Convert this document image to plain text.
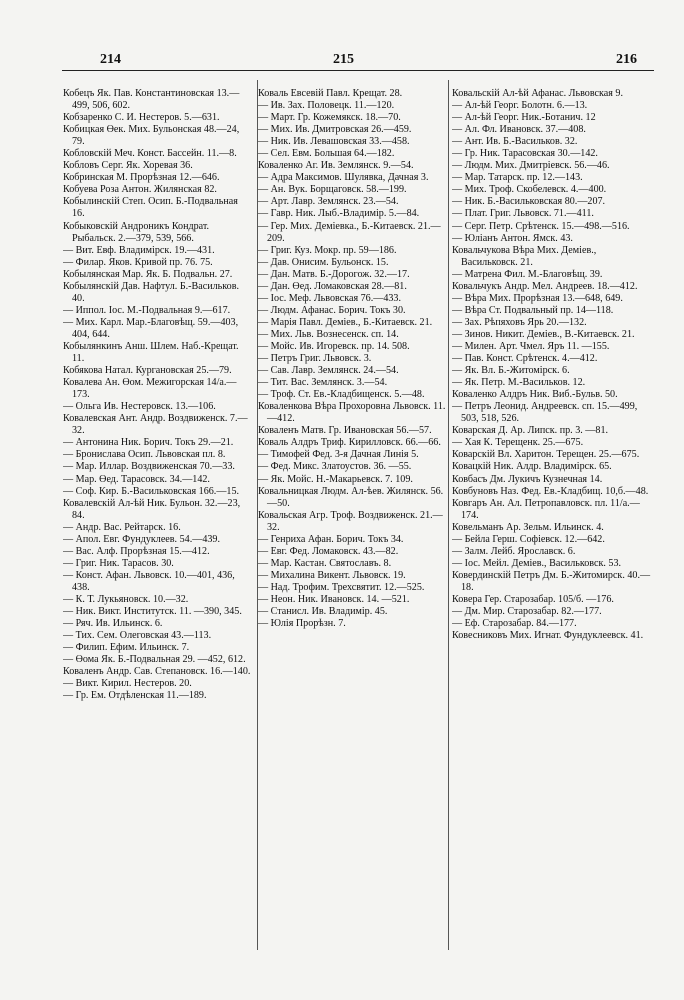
214	215	216

Кобецъ Як. Пав. Константиновская 13.—499, 506, 602.

Кобзаренко С. И. Нестеров. 5.—631.

Кобицкая Өек. Мих. Бульонская 48.—24, 79.

Кобловскій Меч. Конст. Бассейн. 11.—8.

Кобловъ Серг. Як. Хоревая 36.

Кобринская М. Прорѣзная 12.—646.

Кобуева Роза Антон. Жилянская 82.

Кобылинскій Степ. Осип. Б.-Подвальная 16.

Кобыковскій Андроникъ Кондрат. Рыбальск. 2.—379, 539, 566.

— Вит. Евф. Владимірск. 19.—431.

— Филар. Яков. Кривой пр. 76. 75.

Кобылянская Мар. Як. Б. Подвальн. 27.

Кобылянскій Дав. Нафтул. Б.-Васильков. 40.

— Иппол. Іос. М.-Подвальная 9.—617.

— Мих. Карл. Мар.-Благовѣщ. 59.—403, 404, 644.

Кобылянкинъ Анш. Шлем. Наб.-Крещат. 11.

Кобякова Натал. Кургановская 25.—79.

Ковалева Ан. Өом. Межигорская 14/а.—173.

— Ольга Ив. Нестеровск. 13.—106.

Ковалевская Ант. Андр. Воздвиженск. 7.—32.

— Антонина Ник. Борич. Токъ 29.—21.

— Бронислава Осип. Львовская пл. 8.

— Мар. Иллар. Воздвиженская 70.—33.

— Мар. Өед. Тарасовск. 34.—142.

— Соф. Кир. Б.-Васильковская 166.—15.

Ковалевскій Ал-ѣй Ник. Бульон. 32.—23, 84.

— Андр. Вас. Рейтарск. 16.

— Апол. Евг. Фундуклеев. 54.—439.

— Вас. Алф. Прорѣзная 15.—412.

— Григ. Ник. Тарасов. 30.

— Конст. Афан. Львовск. 10.—401, 436, 438.

— К. Т. Лукьяновск. 10.—32.

— Ник. Викт. Институтск. 11. —390, 345.

— Ряч. Ив. Ильинск. 6.

— Тих. Сем. Олеговская 43.—113.

— Филип. Ефим. Ильинск. 7.

— Өома Як. Б.-Подвальная 29. —452, 612.

Коваленъ Андр. Сав. Степановск. 16.—140.

— Викт. Кирил. Нестеров. 20.

— Гр. Ем. Отдѣленская 11.—189.

Коваль Евсевій Павл. Крещат. 28.

— Ив. Зах. Половецк. 11.—120.

— Март. Гр. Кожемякск. 18.—70.

— Мих. Ив. Дмитровская 26.—459.

— Ник. Ив. Левашовская 33.—458.

— Сел. Евм. Большая 64.—182.

Коваленко Аг. Ив. Землянск. 9.—54.

— Адра Максимов. Шулявка, Дачная 3.

— Ан. Вук. Борщаговск. 58.—199.

— Арт. Лавр. Землянск. 23.—54.

— Гавр. Ник. Лыб.-Владимір. 5.—84.

— Гер. Мих. Деміевка., Б.-Китаевск. 21.—209.

— Григ. Куз. Мокр. пр. 59—186.

— Дав. Онисим. Бульонск. 15.

— Дан. Матв. Б.-Дорогож. 32.—17.

— Дан. Өед. Ломаковская 28.—81.

— Іос. Меф. Львовская 76.—433.

— Людм. Афанас. Борич. Токъ 30.

— Марія Павл. Деміев., Б.-Китаевск. 21.

— Мих. Льв. Вознесенск. сп. 14.

— Мойс. Ив. Игоревск. пр. 14. 508.

— Петръ Григ. Львовск. 3.

— Сав. Лавр. Землянск. 24.—54.

— Тит. Вас. Землянск. 3.—54.

— Троф. Ст. Ев.-Кладбищенск. 5.—48.

Коваленкова Вѣра Прохоровна Львовск. 11.—412.

Коваленъ Матв. Гр. Ивановская 56.—57.

Коваль Алдръ Триф. Кирилловск. 66.—66.

— Тимофей Фед. 3-я Дачная Линія 5.

— Фед. Микс. Златоустов. 36. —55.

— Як. Мойс. Н.-Макарьевск. 7. 109.

Ковальницкая Людм. Ал-ѣев. Жилянск. 56.—50.

Ковальская Агр. Троф. Воздвиженск. 21.—32.

— Генриха Афан. Борич. Токъ 34.

— Евг. Фед. Ломаковск. 43.—82.

— Мар. Кастан. Святославъ. 8.

— Михалина Викент. Львовск. 19.

— Над. Трофим. Трехсвятит. 12.—525.

— Неон. Ник. Ивановск. 14. —521.

— Станисл. Ив. Владимір. 45.

— Юлія Прорѣзн. 7.

Ковальскій Ал-ѣй Афанас. Львовская 9.

— Ал-ѣй Георг. Болотн. 6.—13.

— Ал-ѣй Георг. Ник.-Ботанич. 12

— Ал. Фл. Ивановск. 37.—408.

— Ант. Ив. Б.-Васильков. 32.

— Гр. Ник. Тарасовская 30.—142.

— Людм. Мих. Дмитріевск. 56.—46.

— Мар. Татарск. пр. 12.—143.

— Мих. Троф. Скобелевск. 4.—400.

— Ник. Б.-Васильковская 80.—207.

— Плат. Григ. Львовск. 71.—411.

— Серг. Петр. Срѣтенск. 15.—498.—516.

— Юліанъ Антон. Ямск. 43.

Ковальчукова Вѣра Мих. Деміев., Васильковск. 21.

— Матрена Фил. М.-Благовѣщ. 39.

Ковальчукъ Андр. Мел. Андреев. 18.—412.

— Вѣра Мих. Прорѣзная 13.—648, 649.

— Вѣра Ст. Подвальный пр. 14—118.

— Зах. Рѣпяховъ Ярь 20.—132.

— Зинов. Никит. Деміев., В.-Китаевск. 21.

— Милен. Арт. Чмел. Яръ 11. —155.

— Пав. Конст. Срѣтенск. 4.—412.

— Як. Вл. Б.-Житомірск. 6.

— Як. Петр. М.-Васильков. 12.

Коваленко Алдръ Ник. Виб.-Бульв. 50.

— Петръ Леонид. Андреевск. сп. 15.—499, 503, 518, 526.

Коварская Д. Ар. Липск. пр. 3. —81.

— Хая К. Терещенк. 25.—675.

Коварскій Вл. Харитон. Терещен. 25.—675.

Ковацкій Ник. Алдр. Владимірск. 65.

Ковбасъ Дм. Лукичъ Кузнечная 14.

Ковбуновъ Наз. Фед. Ев.-Кладбищ. 10,б.—48.

Ковгаръ Ан. Ал. Петропавловск. пл. 11/а.—174.

Ковельманъ Ар. Зельм. Ильинск. 4.

— Бейла Герш. Софіевск. 12.—642.

— Залм. Лейб. Ярославск. 6.

— Іос. Мейл. Деміев., Васильковск. 53.

Коверди‌нскій Петръ Дм. Б.-Житомирск. 40.—18.

Ковера Гер. Старозабар. 105/б. —176.

— Дм. Мир. Старозабар. 82.—177.

— Еф. Старозабар. 84.—177.

Ковесниковъ Мих. Игнат. Фундуклеевск. 41.
